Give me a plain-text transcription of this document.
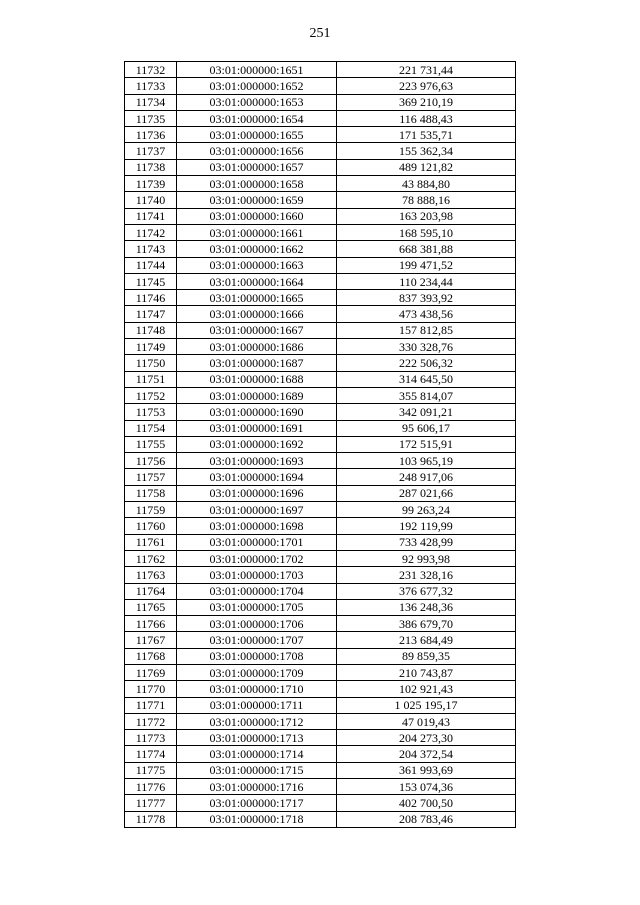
251
11732	03:01:000000:1651	221 731,44
11733	03:01:000000:1652	223 976,63
11734	03:01:000000:1653	369 210,19
11735	03:01:000000:1654	116 488,43
11736	03:01:000000:1655	171 535,71
11737	03:01:000000:1656	155 362,34
11738	03:01:000000:1657	489 121,82
11739	03:01:000000:1658	43 884,80
11740	03:01:000000:1659	78 888,16
11741	03:01:000000:1660	163 203,98
11742	03:01:000000:1661	168 595,10
11743	03:01:000000:1662	668 381,88
11744	03:01:000000:1663	199 471,52
11745	03:01:000000:1664	110 234,44
11746	03:01:000000:1665	837 393,92
11747	03:01:000000:1666	473 438,56
11748	03:01:000000:1667	157 812,85
11749	03:01:000000:1686	330 328,76
11750	03:01:000000:1687	222 506,32
11751	03:01:000000:1688	314 645,50
11752	03:01:000000:1689	355 814,07
11753	03:01:000000:1690	342 091,21
11754	03:01:000000:1691	95 606,17
11755	03:01:000000:1692	172 515,91
11756	03:01:000000:1693	103 965,19
11757	03:01:000000:1694	248 917,06
11758	03:01:000000:1696	287 021,66
11759	03:01:000000:1697	99 263,24
11760	03:01:000000:1698	192 119,99
11761	03:01:000000:1701	733 428,99
11762	03:01:000000:1702	92 993,98
11763	03:01:000000:1703	231 328,16
11764	03:01:000000:1704	376 677,32
11765	03:01:000000:1705	136 248,36
11766	03:01:000000:1706	386 679,70
11767	03:01:000000:1707	213 684,49
11768	03:01:000000:1708	89 859,35
11769	03:01:000000:1709	210 743,87
11770	03:01:000000:1710	102 921,43
11771	03:01:000000:1711	1 025 195,17
11772	03:01:000000:1712	47 019,43
11773	03:01:000000:1713	204 273,30
11774	03:01:000000:1714	204 372,54
11775	03:01:000000:1715	361 993,69
11776	03:01:000000:1716	153 074,36
11777	03:01:000000:1717	402 700,50
11778	03:01:000000:1718	208 783,46
